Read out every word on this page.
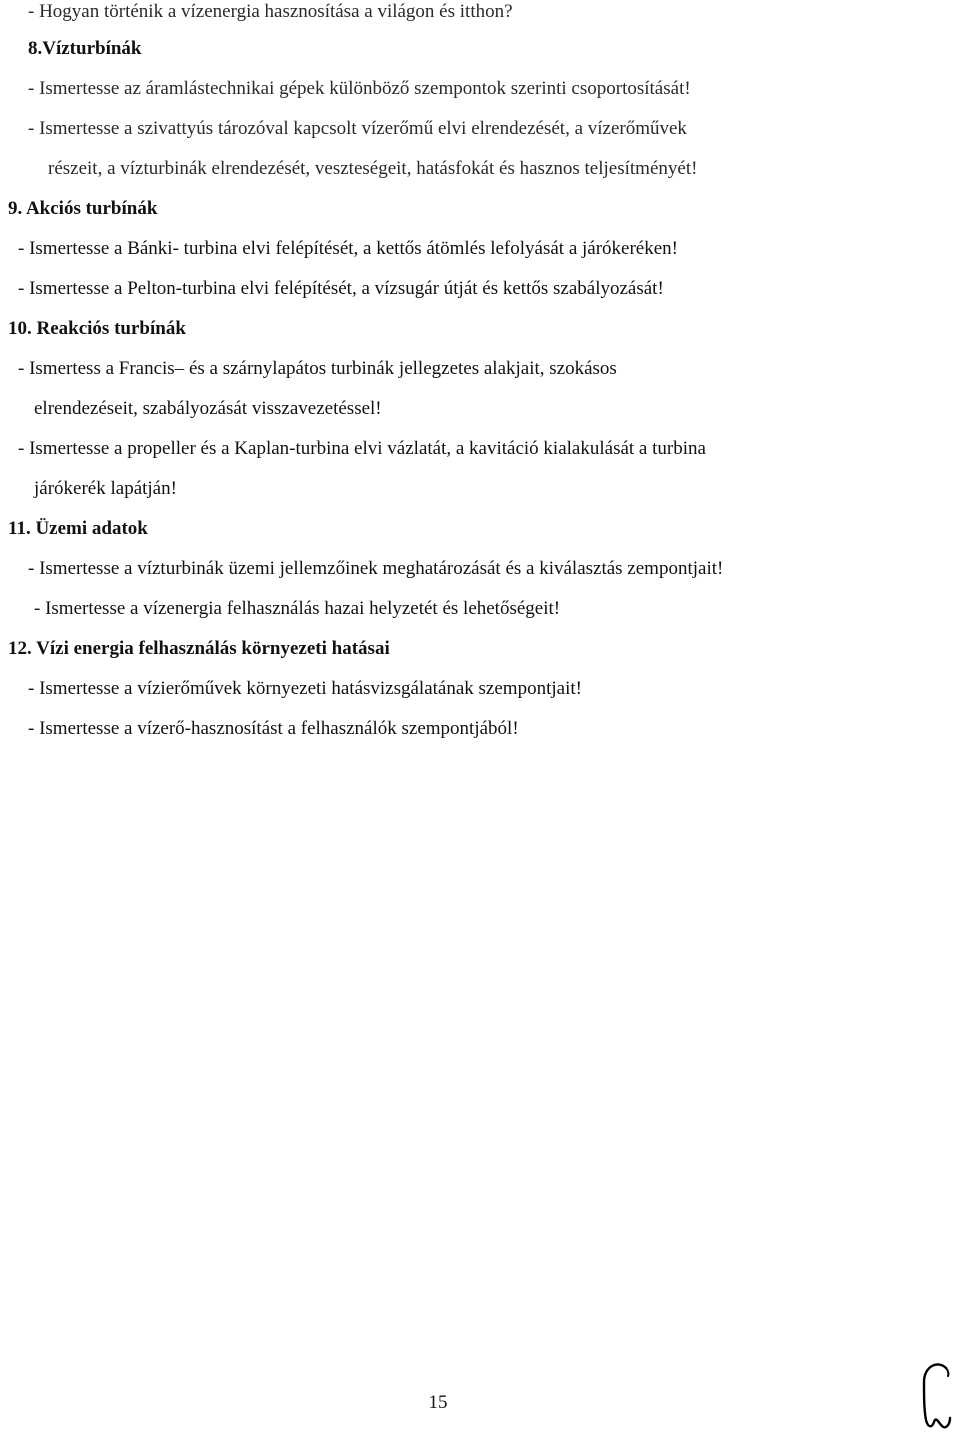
- Hogyan történik a vízenergia hasznosítása a világon és itthon?
8.Vízturbínák
- Ismertesse az áramlástechnikai gépek különböző szempontok szerinti csoportosítását!
- Ismertesse a szivattyús tározóval kapcsolt vízerőmű elvi elrendezését, a vízerőművek
részeit, a vízturbinák elrendezését, veszteségeit, hatásfokát és hasznos teljesítményét!
9. Akciós turbínák
- Ismertesse a Bánki- turbina elvi felépítését, a kettős átömlés lefolyását a járókeréken!
- Ismertesse a Pelton-turbina elvi felépítését, a vízsugár útját és kettős szabályozását!
10. Reakciós turbínák
- Ismertess a Francis– és a szárnylapátos turbinák jellegzetes alakjait, szokásos
elrendezéseit, szabályozását visszavezetéssel!
- Ismertesse a propeller és a Kaplan-turbina elvi vázlatát, a kavitáció kialakulását a turbina
járókerék lapátján!
11. Üzemi adatok
- Ismertesse a vízturbinák üzemi jellemzőinek meghatározását és a kiválasztás zempontjait!
- Ismertesse a vízenergia felhasználás hazai helyzetét és lehetőségeit!
12. Vízi energia felhasználás környezeti hatásai
- Ismertesse a vízierőművek környezeti hatásvizsgálatának szempontjait!
- Ismertesse a vízerő-hasznosítást a felhasználók szempontjából!
15
